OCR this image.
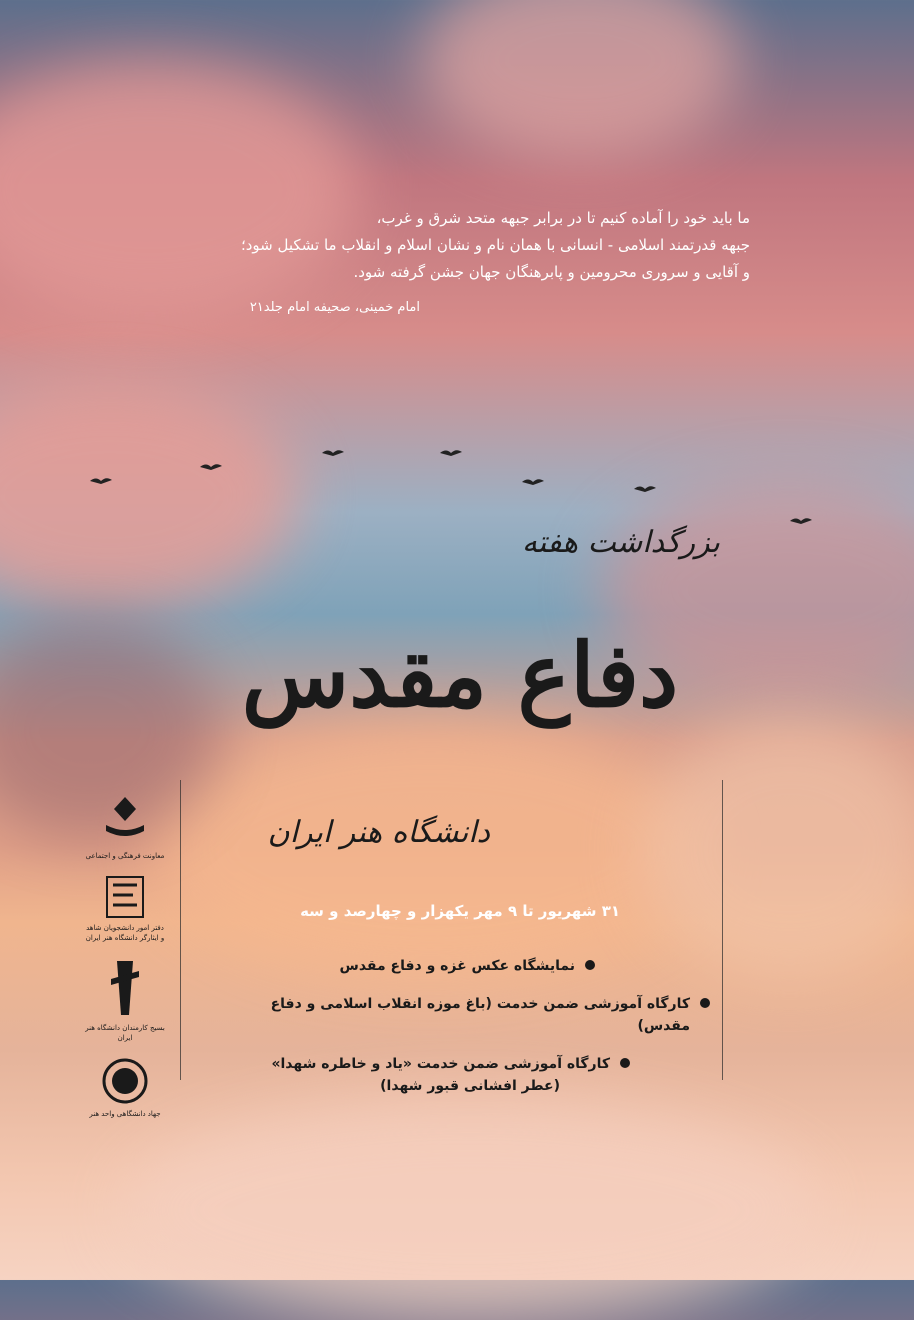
ما باید خود را آماده کنیم تا در برابر جبهه متحد شرق و غرب،
جبهه قدرتمند اسلامی - انسانی با همان نام و نشان اسلام و انقلاب ما تشکیل شود؛
و آقایی و سروری محرومین و پابرهنگان جهان جشن گرفته شود.
امام خمینی، صحیفه امام جلد۲۱
بزرگداشت هفته
دفاع مقدس
دانشگاه هنر ایران
۳۱ شهریور تا ۹ مهر یکهزار و چهارصد و سه
نمایشگاه عکس غزه و دفاع مقدس
کارگاه آموزشی ضمن خدمت (باغ موزه انقلاب اسلامی و دفاع مقدس)
کارگاه آموزشی ضمن خدمت «یاد و خاطره شهدا»
(عطر افشانی قبور شهدا)
معاونت فرهنگی و اجتماعی
دفتر امور دانشجویان شاهد و ایثارگر دانشگاه هنر ایران
بسیج کارمندان دانشگاه هنر ایران
جهاد دانشگاهی واحد هنر
